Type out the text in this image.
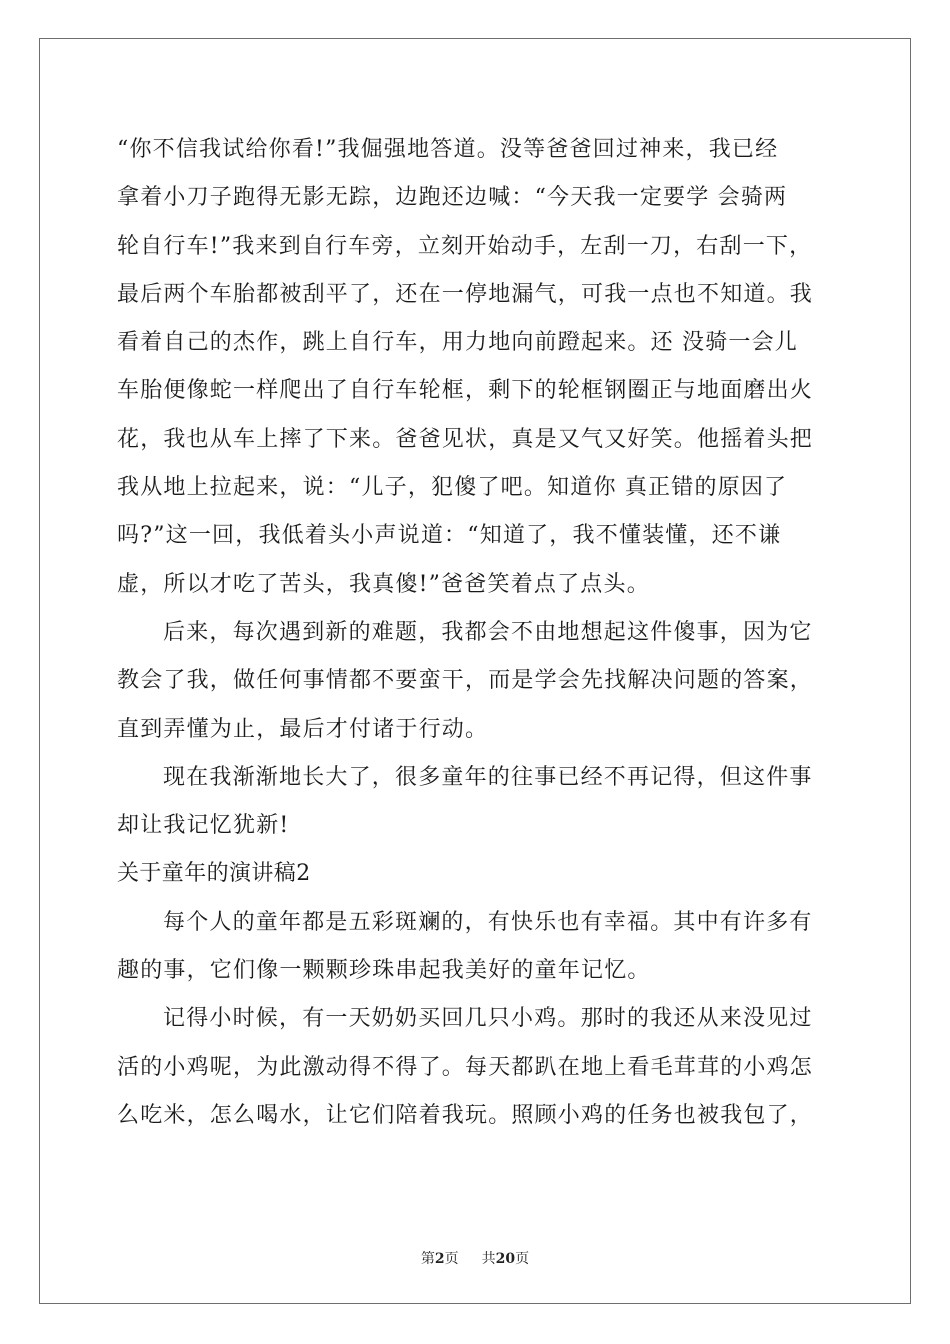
“你不信我试给你看!”我倔强地答道。没等爸爸回过神来，我已经
拿着小刀子跑得无影无踪，边跑还边喊：“今天我一定要学 会骑两
轮自行车!”我来到自行车旁，立刻开始动手，左刮一刀，右刮一下，
最后两个车胎都被刮平了，还在一停地漏气，可我一点也不知道。我
看着自己的杰作，跳上自行车，用力地向前蹬起来。还 没骑一会儿
车胎便像蛇一样爬出了自行车轮框，剩下的轮框钢圈正与地面磨出火
花，我也从车上摔了下来。爸爸见状，真是又气又好笑。他摇着头把
我从地上拉起来，说：“儿子，犯傻了吧。知道你 真正错的原因了
吗?”这一回，我低着头小声说道：“知道了，我不懂装懂，还不谦
虚，所以才吃了苦头，我真傻!”爸爸笑着点了点头。
后来，每次遇到新的难题，我都会不由地想起这件傻事，因为它
教会了我，做任何事情都不要蛮干，而是学会先找解决问题的答案，
直到弄懂为止，最后才付诸于行动。
现在我渐渐地长大了，很多童年的往事已经不再记得，但这件事
却让我记忆犹新!
关于童年的演讲稿2
每个人的童年都是五彩斑斓的，有快乐也有幸福。其中有许多有
趣的事，它们像一颗颗珍珠串起我美好的童年记忆。
记得小时候，有一天奶奶买回几只小鸡。那时的我还从来没见过
活的小鸡呢，为此激动得不得了。每天都趴在地上看毛茸茸的小鸡怎
么吃米，怎么喝水，让它们陪着我玩。照顾小鸡的任务也被我包了，
第2页 共20页
